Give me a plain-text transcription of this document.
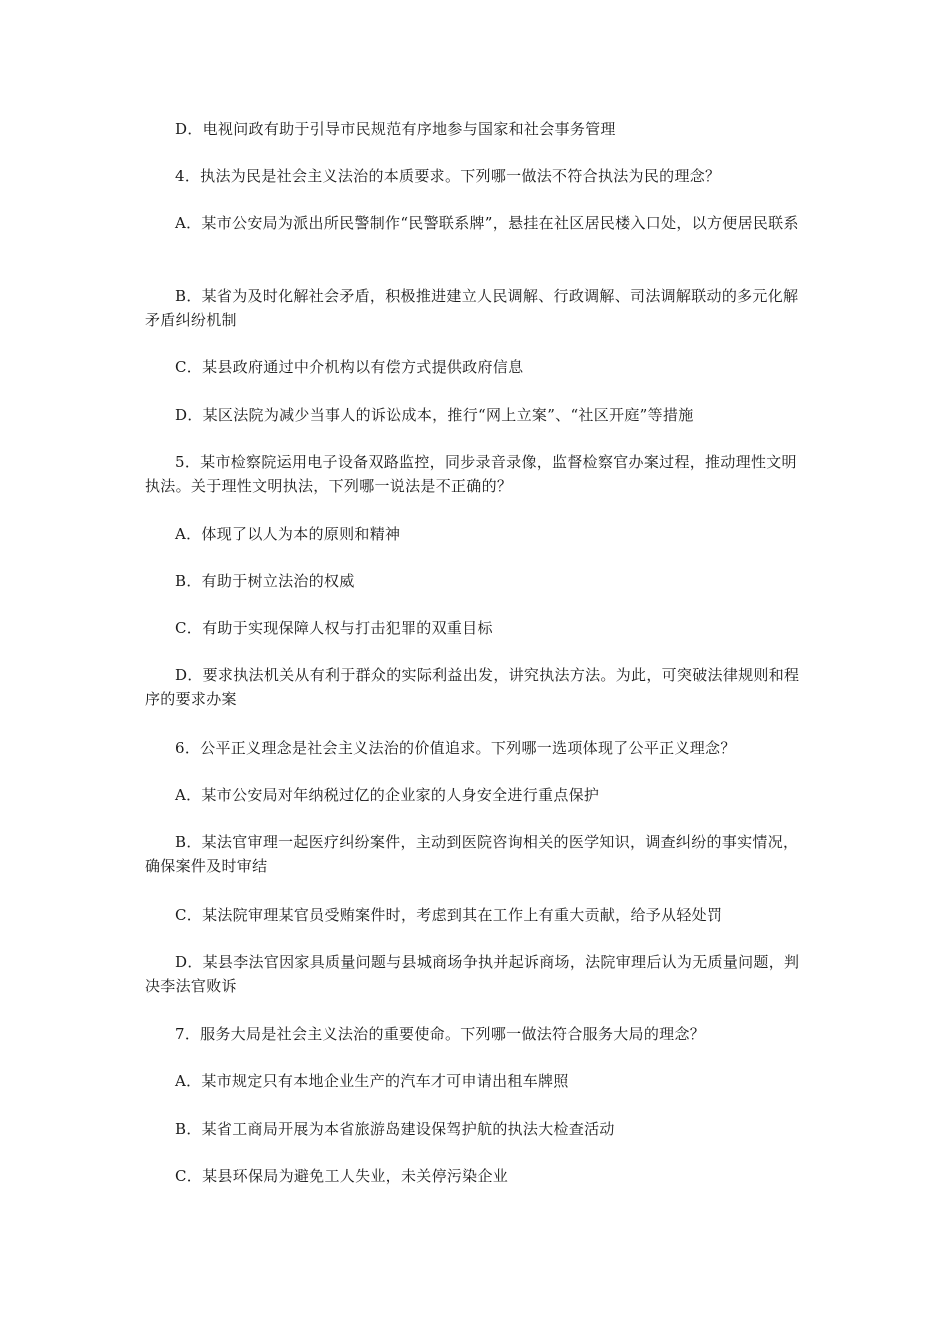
D．电视问政有助于引导市民规范有序地参与国家和社会事务管理

4．执法为民是社会主义法治的本质要求。下列哪一做法不符合执法为民的理念？

A．某市公安局为派出所民警制作“民警联系牌”，悬挂在社区居民楼入口处，以方便居民联系

B．某省为及时化解社会矛盾，积极推进建立人民调解、行政调解、司法调解联动的多元化解矛盾纠纷机制

C．某县政府通过中介机构以有偿方式提供政府信息

D．某区法院为减少当事人的诉讼成本，推行“网上立案”、“社区开庭”等措施

5．某市检察院运用电子设备双路监控，同步录音录像，监督检察官办案过程，推动理性文明执法。关于理性文明执法，下列哪一说法是不正确的？

A．体现了以人为本的原则和精神

B．有助于树立法治的权威

C．有助于实现保障人权与打击犯罪的双重目标

D．要求执法机关从有利于群众的实际利益出发，讲究执法方法。为此，可突破法律规则和程序的要求办案

6．公平正义理念是社会主义法治的价值追求。下列哪一选项体现了公平正义理念？

A．某市公安局对年纳税过亿的企业家的人身安全进行重点保护

B．某法官审理一起医疗纠纷案件，主动到医院咨询相关的医学知识，调查纠纷的事实情况，确保案件及时审结

C．某法院审理某官员受贿案件时，考虑到其在工作上有重大贡献，给予从轻处罚

D．某县李法官因家具质量问题与县城商场争执并起诉商场，法院审理后认为无质量问题，判决李法官败诉

7．服务大局是社会主义法治的重要使命。下列哪一做法符合服务大局的理念？

A．某市规定只有本地企业生产的汽车才可申请出租车牌照

B．某省工商局开展为本省旅游岛建设保驾护航的执法大检查活动

C．某县环保局为避免工人失业，未关停污染企业
